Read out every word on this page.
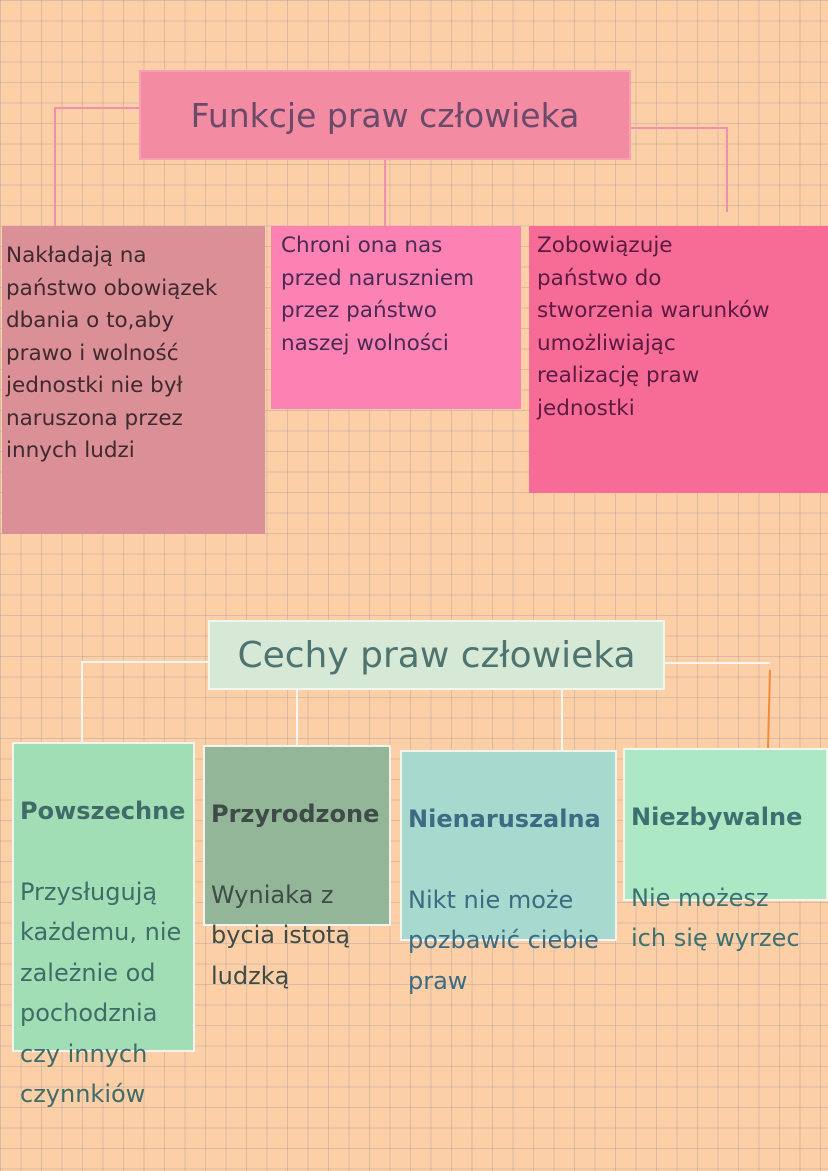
Funkcje praw człowieka
Nakładają na
państwo obowiązek
dbania o to,aby
prawo i wolność
jednostki nie był
naruszona przez
innych ludzi
Chroni ona nas
przed naruszniem
przez państwo
naszej wolności
Zobowiązuje
państwo do
stworzenia warunków
umożliwiając
realizację praw
jednostki
Cechy praw człowieka

Powszechne

Przysługują
każdemu, nie
zależnie od
pochodznia
czy innych
czynnkiów

Przyrodzone

Wyniaka z
bycia istotą
ludzką

Nienaruszalna

Nikt nie może
pozbawić ciebie
praw

Niezbywalne

Nie możesz
ich się wyrzec
